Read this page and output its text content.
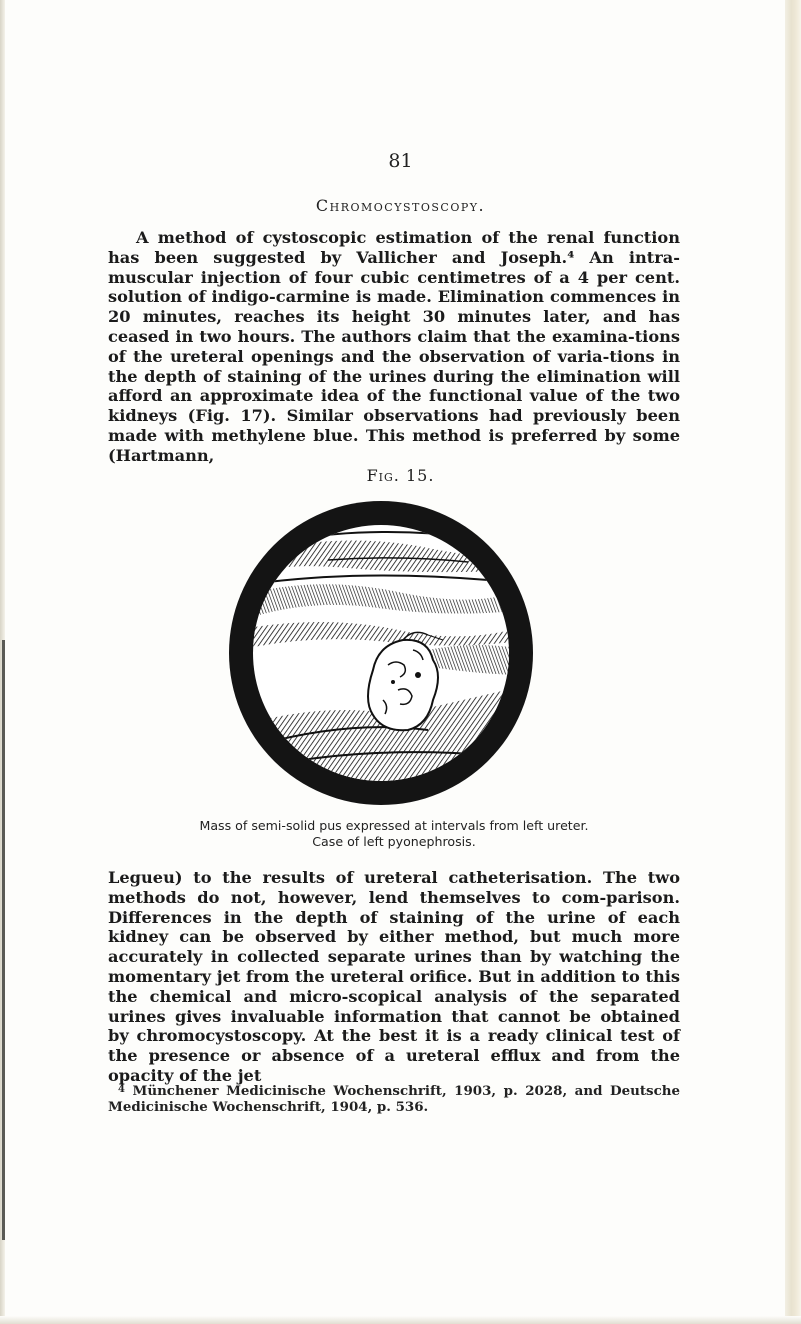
81
Chromocystoscopy.
A method of cystoscopic estimation of the renal function has been suggested by Vallicher and Joseph.⁴ An intra-muscular injection of four cubic centimetres of a 4 per cent. solution of indigo-carmine is made. Elimination commences in 20 minutes, reaches its height 30 minutes later, and has ceased in two hours. The authors claim that the examina-tions of the ureteral openings and the observation of varia-tions in the depth of staining of the urines during the elimination will afford an approximate idea of the functional value of the two kidneys (Fig. 17). Similar observations had previously been made with methylene blue. This method is preferred by some (Hartmann,
Fig. 15.
Mass of semi-solid pus expressed at intervals from left ureter.
Case of left pyonephrosis.
Legueu) to the results of ureteral catheterisation. The two methods do not, however, lend themselves to com-parison. Differences in the depth of staining of the urine of each kidney can be observed by either method, but much more accurately in collected separate urines than by watching the momentary jet from the ureteral orifice. But in addition to this the chemical and micro-scopical analysis of the separated urines gives invaluable information that cannot be obtained by chromocystoscopy. At the best it is a ready clinical test of the presence or absence of a ureteral efflux and from the opacity of the jet
$^4$ Münchener Medicinische Wochenschrift, 1903, p. 2028, and Deutsche Medicinische Wochenschrift, 1904, p. 536.
